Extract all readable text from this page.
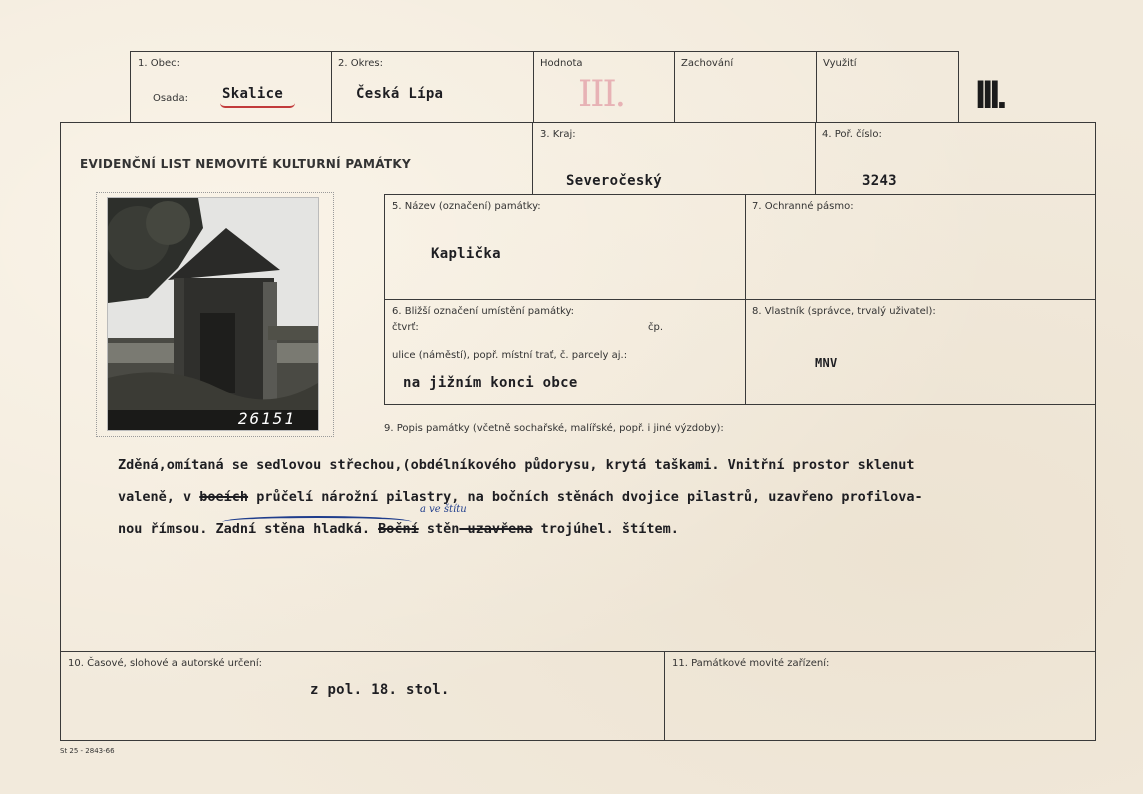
1. Obec:
Osada: Skalice
2. Okres:
Česká Lípa
Hodnota
III.
Zachování	Využití
III.
EVIDENČNÍ LIST NEMOVITÉ KULTURNÍ PAMÁTKY
3. Kraj:
Severočeský
4. Poř. číslo:
3243
26151
5. Název (označení) památky:
Kaplička
7. Ochranné pásmo:
6. Bližší označení umístění památky:
čtvrť:	čp.
ulice (náměstí), popř. místní trať, č. parcely aj.:
na jižním konci obce
8. Vlastník (správce, trvalý uživatel):
MNV
9. Popis památky (včetně sochařské, malířské, popř. i jiné výzdoby):
Zděná,omítaná se sedlovou střechou,(obdélníkového půdorysu, krytá taškami. Vnitřní prostor sklenut
valeně, v boeích průčelí nárožní pilastry, na bočních stěnách dvojice pilastrů, uzavřeno profilova-
nou římsou. Zadní stěna hladká. Boční stěn uzavřena trojúhel. štítem.
a ve štítu
10. Časové, slohové a autorské určení:
z pol. 18. stol.
11. Památkové movité zařízení:
St 25 - 2843-66
